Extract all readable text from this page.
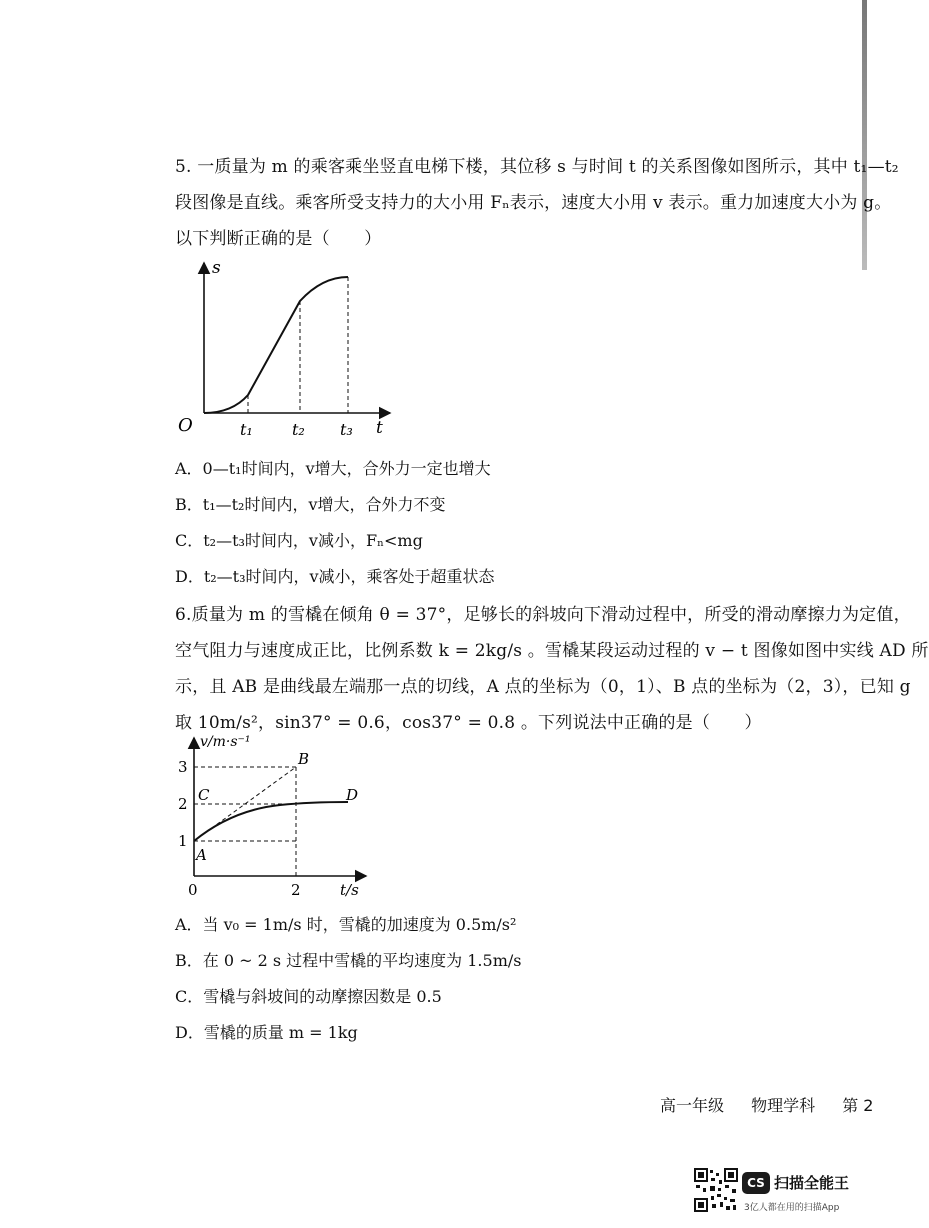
5. 一质量为 m 的乘客乘坐竖直电梯下楼，其位移 s 与时间 t 的关系图像如图所示，其中 t₁—t₂
段图像是直线。乘客所受支持力的大小用 Fₙ表示，速度大小用 v 表示。重力加速度大小为 g。
以下判断正确的是（　　）
s
O	t₁ t₂ t₃ t
A．0—t₁时间内，v增大，合外力一定也增大
B．t₁—t₂时间内，v增大，合外力不变
C．t₂—t₃时间内，v减小，Fₙ<mg
D．t₂—t₃时间内，v减小，乘客处于超重状态
6.质量为 m 的雪橇在倾角 θ = 37°，足够长的斜坡向下滑动过程中，所受的滑动摩擦力为定值，
空气阻力与速度成正比，比例系数 k = 2kg/s 。雪橇某段运动过程的 v − t 图像如图中实线 AD 所
示，且 AB 是曲线最左端那一点的切线，A 点的坐标为（0，1）、B 点的坐标为（2，3），已知 g
取 10m/s²，sin37° = 0.6，cos37° = 0.8 。下列说法中正确的是（　　）
v/m·s⁻¹
3
2
1
0	2	t/s
A
B
C	D
A．当 v₀ = 1m/s 时，雪橇的加速度为 0.5m/s²
B．在 0 ~ 2 s 过程中雪橇的平均速度为 1.5m/s
C．雪橇与斜坡间的动摩擦因数是 0.5
D．雪橇的质量 m = 1kg
高一年级 物理学科 第 2
CS 扫描全能王
3亿人都在用的扫描App
